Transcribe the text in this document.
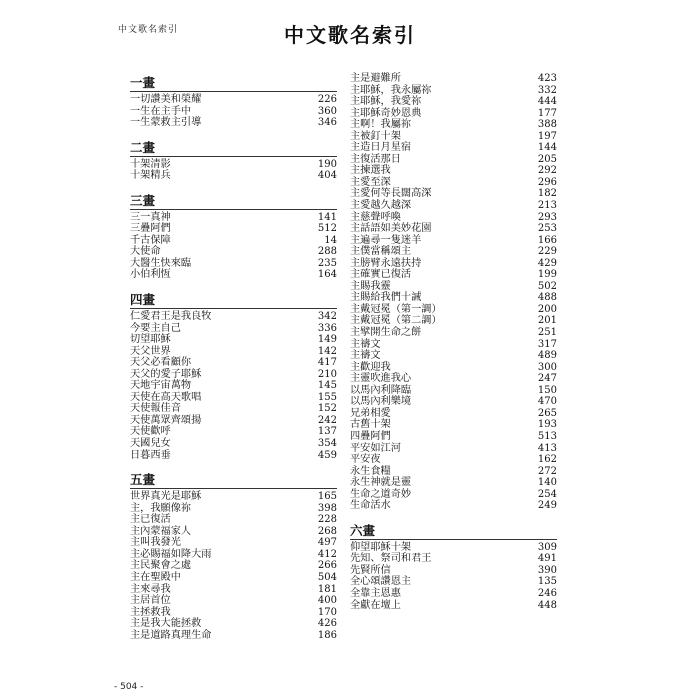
中文歌名索引	中文歌名索引
一畫
一切讚美和榮耀	226
一生在主手中	360
一生蒙救主引導	346
二畫
十架清影	190
十架精兵	404
三畫
三一真神	141
三疊阿們	512
千古保障	14
大使命	288
大醫生快來臨	235
小伯利恆	164
四畫
仁愛君王是我良牧	342
今要主自己	336
切望耶穌	149
天父世界	142
天父必看顧你	417
天父的愛子耶穌	210
天地宇宙萬物	145
天使在高天歌唱	155
天使報佳音	152
天使萬眾齊頌揚	242
天使歡呼	137
天國兒女	354
日暮西垂	459
五畫
世界真光是耶穌	165
主，我願像祢	398
主已復活	228
主內蒙福家人	268
主叫我發光	497
主必賜福如降大雨	412
主民聚會之處	266
主在聖殿中	504
主來尋我	181
主居首位	400
主拯救我	170
主是我大能拯救	426
主是道路真理生命	186
主是避難所	423
主耶穌，我永屬祢	332
主耶穌，我愛祢	444
主耶穌奇妙恩典	177
主啊！我屬祢	388
主被釘十架	197
主造日月星宿	144
主復活那日	205
主揀選我	292
主愛至深	296
主愛何等長闊高深	182
主愛越久越深	213
主慈聲呼喚	293
主話語如美妙花園	253
主遍尋一隻迷羊	166
主僕當稱頌主	229
主膀臂永遠扶持	429
主確實已復活	199
主賜我靈	502
主賜給我們十誡	488
主戴冠冕（第一調）	200
主戴冠冕（第二調）	201
主擘開生命之餅	251
主禱文	317
主禱文	489
主歡迎我	300
主靈吹進我心	247
以馬內利降臨	150
以馬內利樂境	470
兄弟相愛	265
古舊十架	193
四疊阿們	513
平安如江河	413
平安夜	162
永生食糧	272
永生神就是靈	140
生命之道奇妙	254
生命活水	249
六畫
仰望耶穌十架	309
先知、祭司和君王	491
先賢所信	390
全心頌讚恩主	135
全靠主恩惠	246
全獻在壇上	448
- 504 -
